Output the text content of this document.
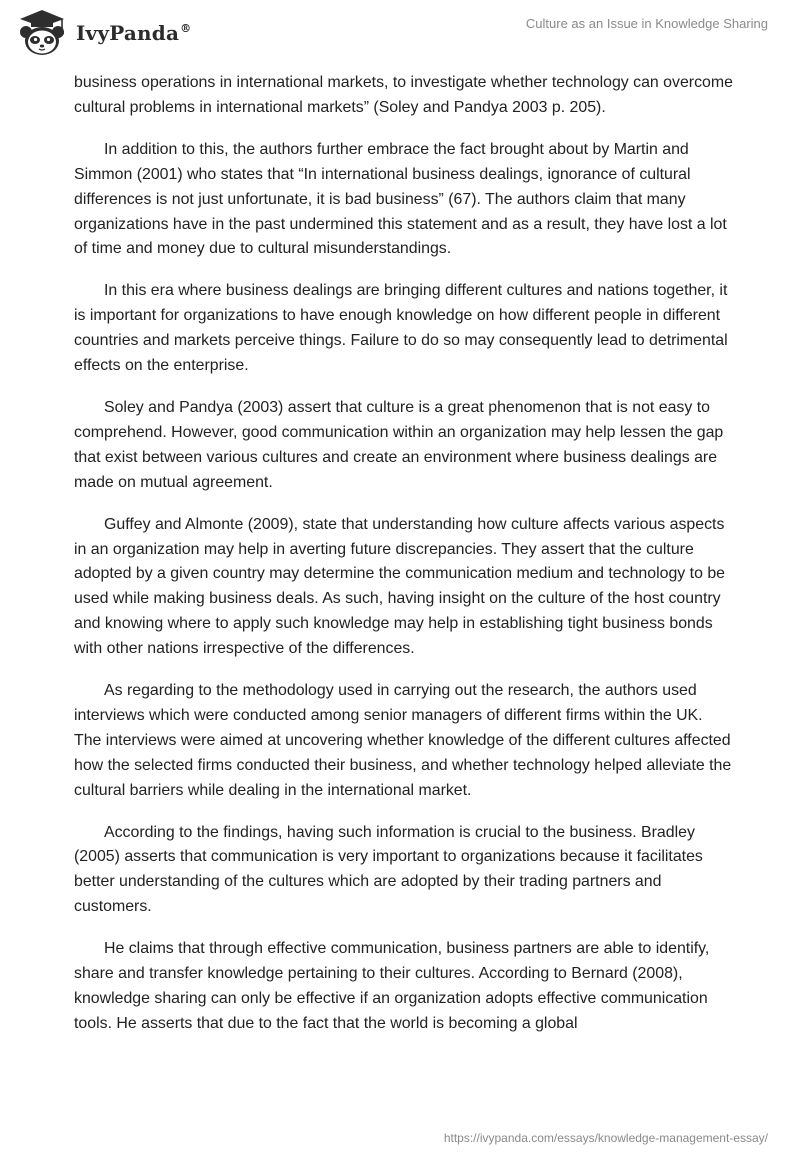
IvyPanda®	Culture as an Issue in Knowledge Sharing

business operations in international markets, to investigate whether technology can overcome cultural problems in international markets” (Soley and Pandya 2003 p. 205).

In addition to this, the authors further embrace the fact brought about by Martin and Simmon (2001) who states that “In international business dealings, ignorance of cultural differences is not just unfortunate, it is bad business” (67). The authors claim that many organizations have in the past undermined this statement and as a result, they have lost a lot of time and money due to cultural misunderstandings.

In this era where business dealings are bringing different cultures and nations together, it is important for organizations to have enough knowledge on how different people in different countries and markets perceive things. Failure to do so may consequently lead to detrimental effects on the enterprise.

Soley and Pandya (2003) assert that culture is a great phenomenon that is not easy to comprehend. However, good communication within an organization may help lessen the gap that exist between various cultures and create an environment where business dealings are made on mutual agreement.

Guffey and Almonte (2009), state that understanding how culture affects various aspects in an organization may help in averting future discrepancies. They assert that the culture adopted by a given country may determine the communication medium and technology to be used while making business deals. As such, having insight on the culture of the host country and knowing where to apply such knowledge may help in establishing tight business bonds with other nations irrespective of the differences.

As regarding to the methodology used in carrying out the research, the authors used interviews which were conducted among senior managers of different firms within the UK. The interviews were aimed at uncovering whether knowledge of the different cultures affected how the selected firms conducted their business, and whether technology helped alleviate the cultural barriers while dealing in the international market.

According to the findings, having such information is crucial to the business. Bradley (2005) asserts that communication is very important to organizations because it facilitates better understanding of the cultures which are adopted by their trading partners and customers.

He claims that through effective communication, business partners are able to identify, share and transfer knowledge pertaining to their cultures. According to Bernard (2008), knowledge sharing can only be effective if an organization adopts effective communication tools. He asserts that due to the fact that the world is becoming a global

https://ivypanda.com/essays/knowledge-management-essay/
